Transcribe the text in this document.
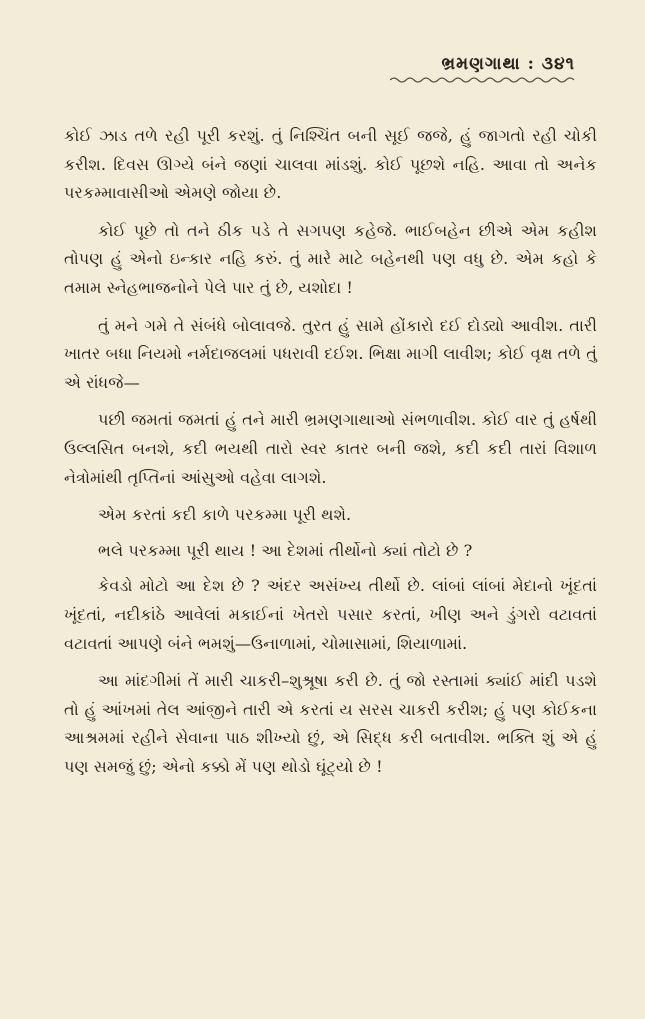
ભ્રમણગાથા : ૩૪૧

કોઈ ઝાડ તળે રહી પૂરી કરશું. તું નિશ્ચિંત બની સૂઈ જજે, હું જાગતો રહી ચોકી કરીશ. દિવસ ઊગ્યે બંને જણાં ચાલવા માંડશું. કોઈ પૂછશે નહિ. આવા તો અનેક પરકમ્માવાસીઓ એમણે જોયા છે.

કોઈ પૂછે તો તને ઠીક પડે તે સગપણ કહેજે. ભાઈબહેન છીએ એમ કહીશ તોપણ હું એનો ઇન્કાર નહિ કરું. તું મારે માટે બહેનથી પણ વધુ છે. એમ કહો કે તમામ સ્નેહભાજનોને પેલે પાર તું છે, યશોદા !

તું મને ગમે તે સંબંધે બોલાવજે. તુરત હું સામે હોંકારો દઈ દોડ્યો આવીશ. તારી ખાતર બધા નિયમો નર્મદાજલમાં પધરાવી દઈશ. ભિક્ષા માગી લાવીશ; કોઈ વૃક્ષ તળે તું એ રાંધજે—

પછી જમતાં જમતાં હું તને મારી ભ્રમણગાથાઓ સંભળાવીશ. કોઈ વાર તું હર્ષથી ઉલ્લસિત બનશે, કદી ભયથી તારો સ્વર કાતર બની જશે, કદી કદી તારાં વિશાળ નેત્રોમાંથી તૃપ્તિનાં આંસુઓ વહેવા લાગશે.

એમ કરતાં કદી કાળે પરકમ્મા પૂરી થશે.

ભલે પરકમ્મા પૂરી થાય ! આ દેશમાં તીર્થોનો ક્યાં તોટો છે ?

કેવડો મોટો આ દેશ છે ? અંદર અસંખ્ય તીર્થો છે. લાંબાં લાંબાં મેદાનો ખૂંદતાં ખૂંદતાં, નદીકાંઠે આવેલાં મકાઈનાં ખેતરો પસાર કરતાં, ખીણ અને ડુંગરો વટાવતાં વટાવતાં આપણે બંને ભમશું—ઉનાળામાં, ચોમાસામાં, શિયાળામાં.

આ માંદગીમાં તેં મારી ચાકરી–શુશ્રૂષા કરી છે. તું જો રસ્તામાં ક્યાંઈ માંદી પડશે તો હું આંખમાં તેલ આંજીને તારી એ કરતાં ય સરસ ચાકરી કરીશ; હું પણ કોઈકના આશ્રમમાં રહીને સેવાના પાઠ શીખ્યો છું, એ સિદ્ધ કરી બતાવીશ. ભક્તિ શું એ હું પણ સમજું છું; એનો કક્કો મેં પણ થોડો ઘૂંટ્યો છે !
